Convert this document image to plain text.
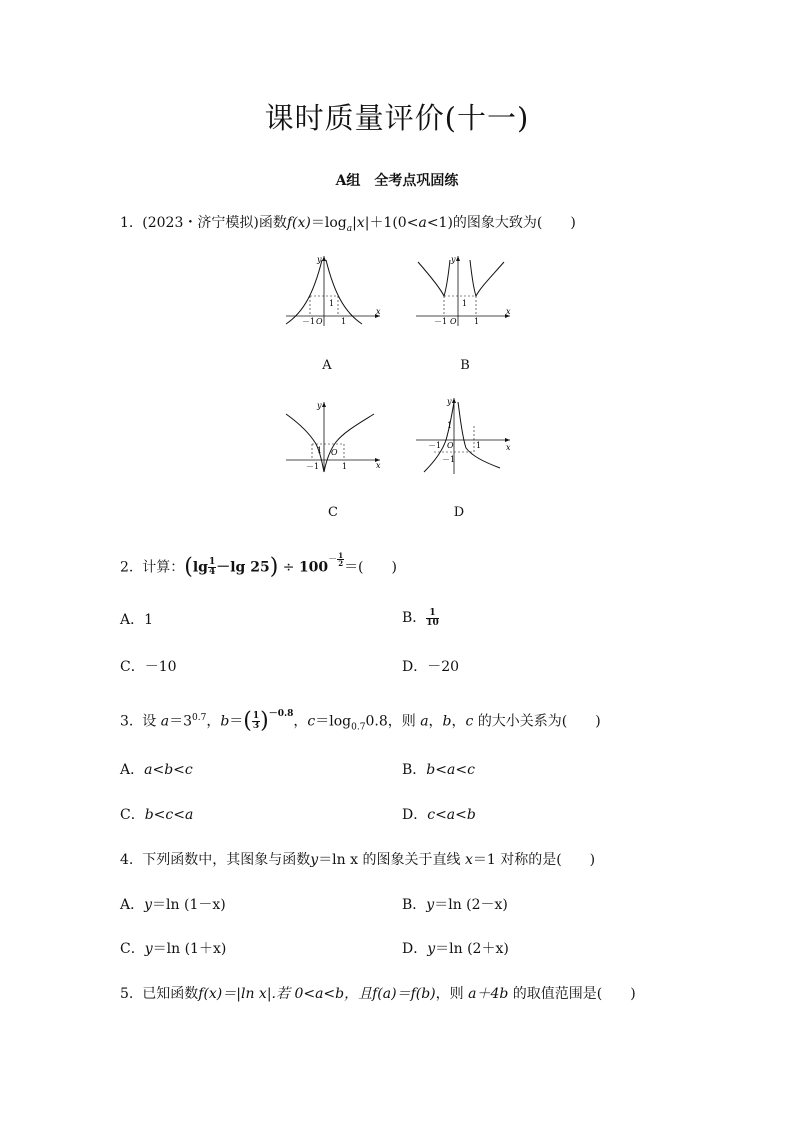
课时质量评价(十一)
A组　全考点巩固练
1. (2023・济宁模拟)函数$f(x)=\log_a|x|+1(0<a<1)$的图象大致为(　　)
x
y
－1 O 1
1
A
x
y
－1 O 1
1
B
x
y
－1
O
1
1
C
x
y
－1 O	1
1
－1
D
2. 计算：($\lg \frac{1}{4} -\lg$ $25) \div 100^{- \frac{1}{2}}$
＝(　　)
A．1	B． $\frac{1}{10}$
C．－10	D．－20
3. 设 $a=3^{0.7}$，$b=( \frac{1}{3} )^{-0.8}$，$c=\log_{0.7}0.8$，则 a，b，c 的大小关系为(　　)
A．a<b<c	B．b<a<c
C．b<c<a	D．c<a<b
4. 下列函数中，其图象与函数y＝ln x 的图象关于直线 x＝1 对称的是(　　)
A．y＝ln (1－x)	B．y＝ln (2－x)
C．y＝ln (1＋x)	D．y＝ln (2＋x)
5. 已知函数f(x)＝|ln x|.若 0<a<b，且f(a)＝f(b)，则 a＋4b 的取值范围是(　　)
